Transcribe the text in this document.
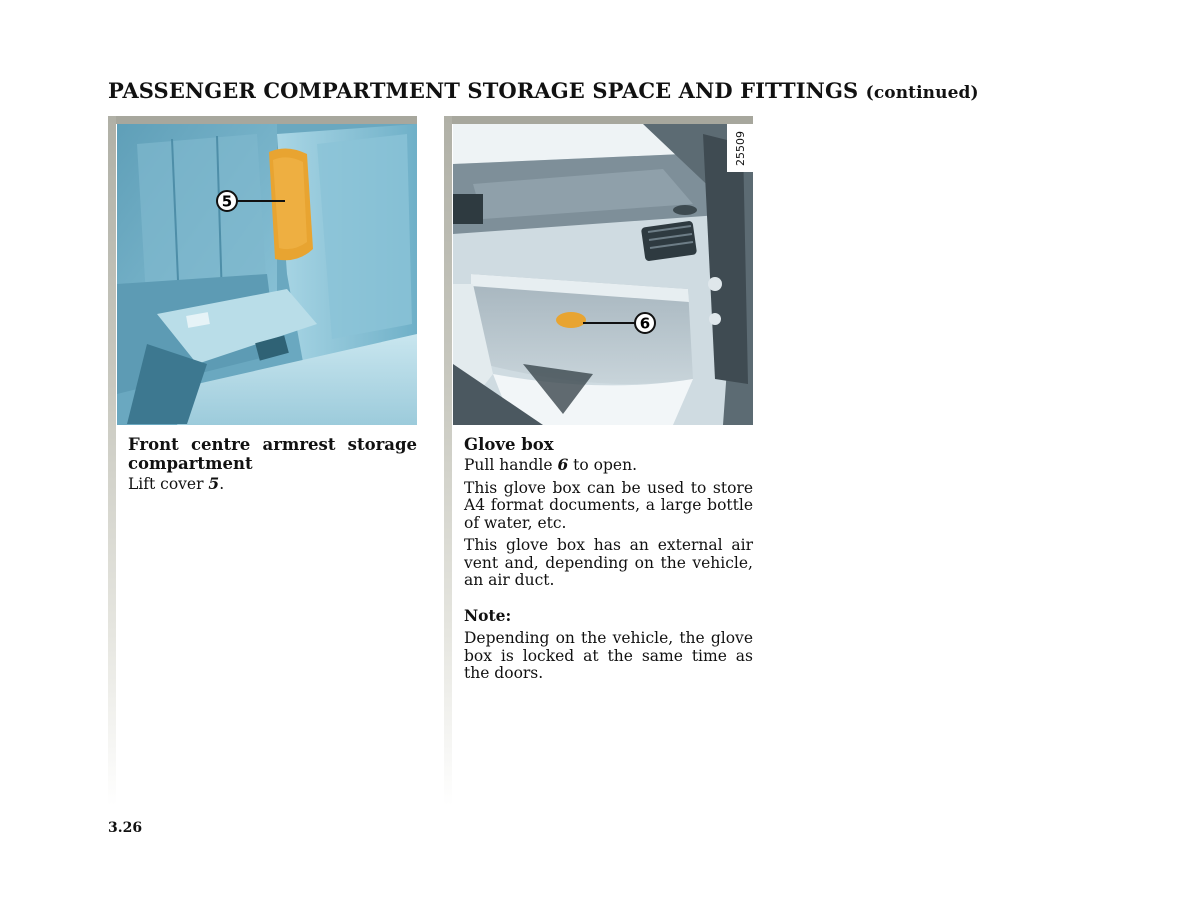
PASSENGER COMPARTMENT STORAGE SPACE AND FITTINGS (continued)
5
Front centre armrest storage
compartment
Lift cover 5.
6
25509
Glove box
Pull handle 6 to open.
This glove box can be used to store A4 format documents, a large bottle of water, etc.
This glove box has an external air vent and, depending on the vehicle, an air duct.
Note:
Depending on the vehicle, the glove box is locked at the same time as the doors.
3.26
